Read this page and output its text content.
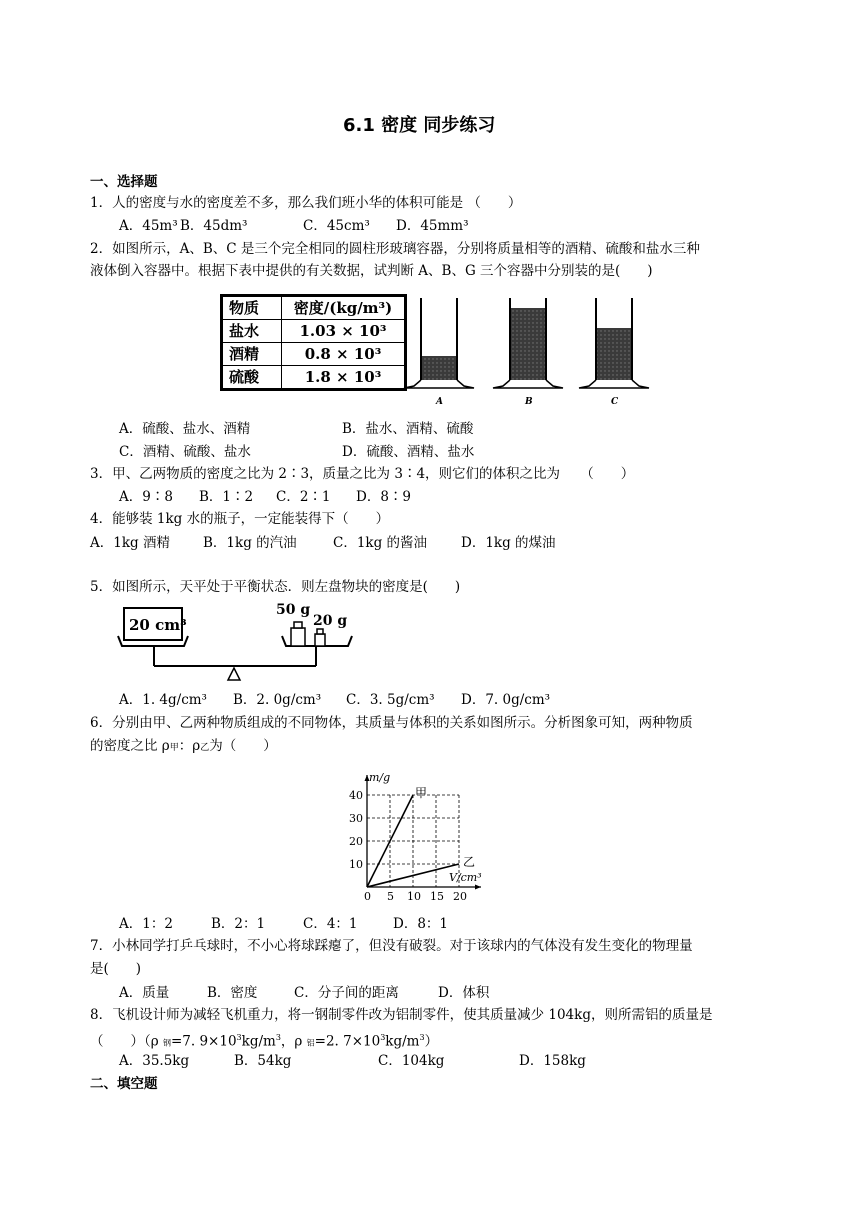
6.1 密度 同步练习
一、选择题
1．人的密度与水的密度差不多，那么我们班小华的体积可能是 （　　）
A．45m³ B．45dm³	C．45cm³ D．45mm³
2．如图所示，A、B、C 是三个完全相同的圆柱形玻璃容器，分别将质量相等的酒精、硫酸和盐水三种
液体倒入容器中。根据下表中提供的有关数据，试判断 A、B、G 三个容器中分别装的是(　　)
物质	密度/(kg/m³)
盐水	1.03 × 10³
酒精	0.8 × 10³
硫酸	1.8 × 10³
A	B	C
A．硫酸、盐水、酒精	B．盐水、酒精、硫酸
C．酒精、硫酸、盐水	D．硫酸、酒精、盐水
3．甲、乙两物质的密度之比为 2∶3，质量之比为 3∶4，则它们的体积之比为　　（　　）
A．9∶8 B．1∶2 C．2∶1 D．8∶9
4．能够装 1kg 水的瓶子，一定能装得下（　　）
A．1kg 酒精 B．1kg 的汽油	C．1kg 的酱油	D．1kg 的煤油
5．如图所示，天平处于平衡状态．则左盘物块的密度是(　　)
20 cm³
50 g
20 g
A．1. 4g/cm³ B．2. 0g/cm³ C．3. 5g/cm³ D．7. 0g/cm³
6．分别由甲、乙两种物质组成的不同物体，其质量与体积的关系如图所示。分析图象可知，两种物质
的密度之比 ρ甲：ρ乙为（　　）
0 5 10 15 20
10
20
30
40
m/g
V/cm³
甲
乙
A．1：2	B．2：1	C．4：1	D．8：1
7．小林同学打乒乓球时，不小心将球踩瘪了，但没有破裂。对于该球内的气体没有发生变化的物理量
是(　　)
A．质量	B．密度	C．分子间的距离	D．体积
8．飞机设计师为减轻飞机重力，将一钢制零件改为铝制零件，使其质量减少 104kg，则所需铝的质量是
（　　）（ρ 钢=7. $9\times 10^3kg/m^3$，ρ 铝=2. $7\times 10^3kg/m^3$）
A．35.5kg	B．54kg	C．104kg	D．158kg
二、填空题
